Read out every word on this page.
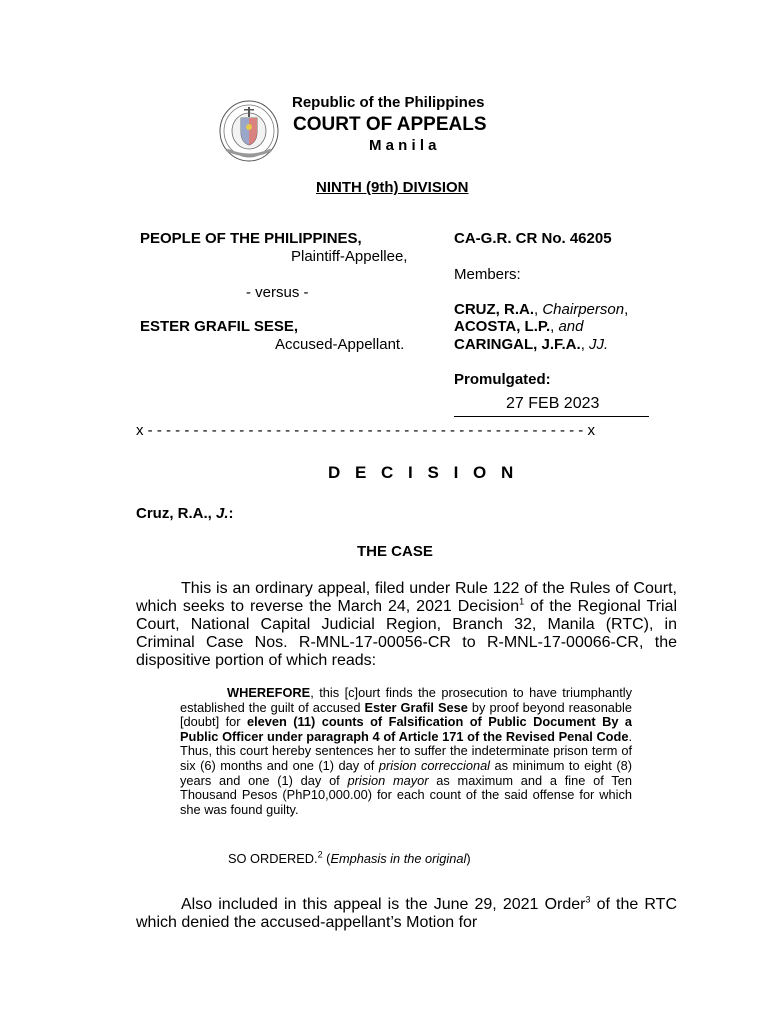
Republic of the Philippines
COURT OF APPEALS
M a n i l a
NINTH (9th) DIVISION
PEOPLE OF THE PHILIPPINES,
Plaintiff-Appellee,
- versus -
ESTER GRAFIL SESE,
Accused-Appellant.
CA-G.R. CR No. 46205
Members:
CRUZ, R.A., Chairperson,
ACOSTA, L.P., and
CARINGAL, J.F.A., JJ.
Promulgated:
27 FEB 2023
x - - - - - - - - - - - - - - - - - - - - - - - - - - - - - - - - - - - - - - - - - - - - - - - - x
D E C I S I O N
Cruz, R.A., J.:
THE CASE
This is an ordinary appeal, filed under Rule 122 of the Rules of Court, which seeks to reverse the March 24, 2021 Decision$^1$ of the Regional Trial Court, National Capital Judicial Region, Branch 32, Manila (RTC), in Criminal Case Nos. R-MNL-17-00056-CR to R-MNL-17-00066-CR, the dispositive portion of which reads:
WHEREFORE, this [c]ourt finds the prosecution to have triumphantly established the guilt of accused Ester Grafil Sese by proof beyond reasonable [doubt] for eleven (11) counts of Falsification of Public Document By a Public Officer under paragraph 4 of Article 171 of the Revised Penal Code. Thus, this court hereby sentences her to suffer the indeterminate prison term of six (6) months and one (1) day of prision correccional as minimum to eight (8) years and one (1) day of prision mayor as maximum and a fine of Ten Thousand Pesos (PhP10,000.00) for each count of the said offense for which she was found guilty.
SO ORDERED.$^2$ (Emphasis in the original)
Also included in this appeal is the June 29, 2021 Order$^3$ of the RTC which denied the accused-appellant’s Motion for
